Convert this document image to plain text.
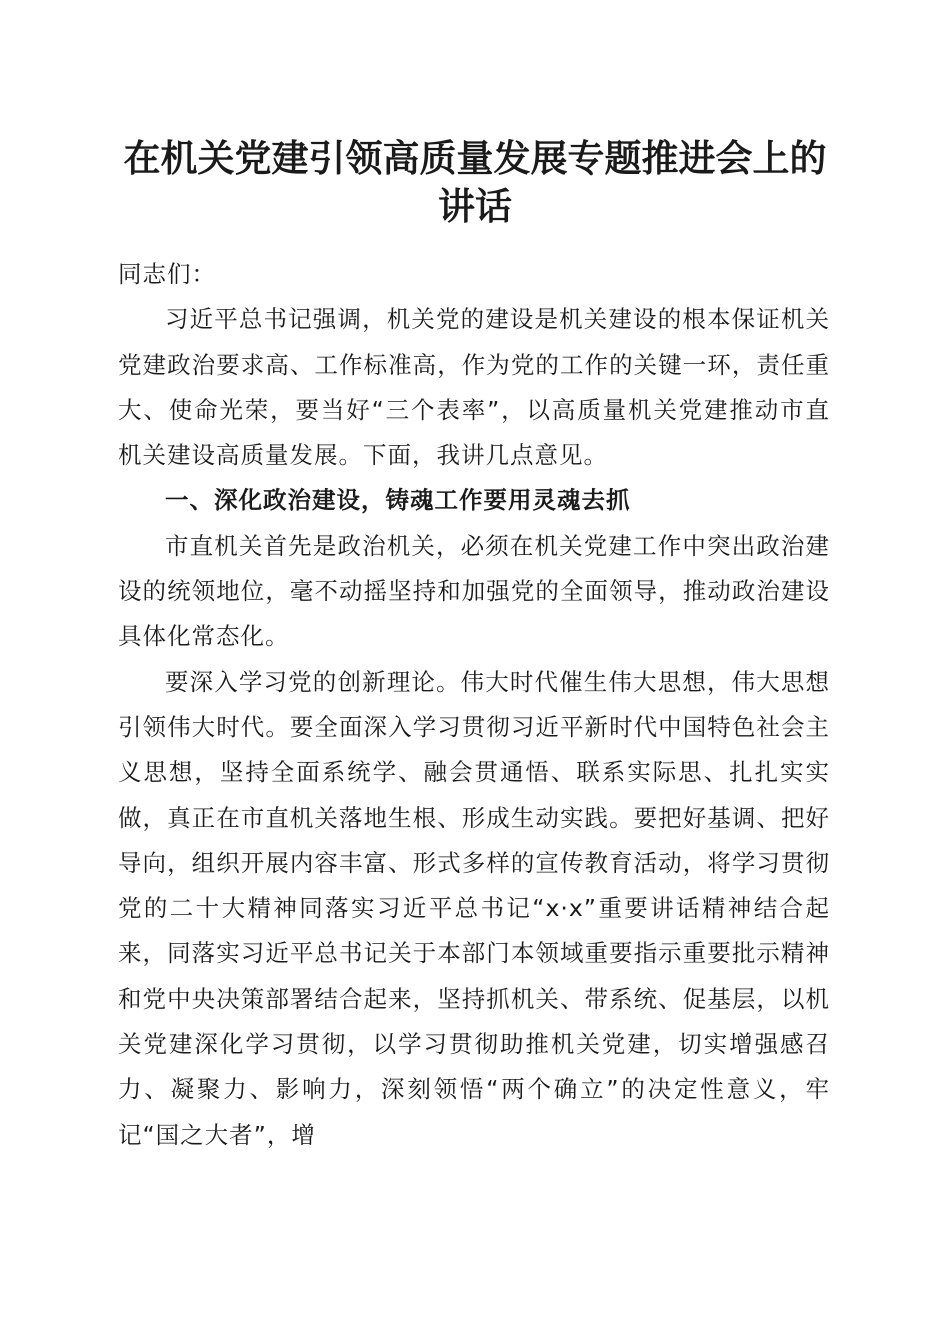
在机关党建引领高质量发展专题推进会上的讲话

同志们：

习近平总书记强调，机关党的建设是机关建设的根本保证机关党建政治要求高、工作标准高，作为党的工作的关键一环，责任重大、使命光荣，要当好“三个表率”，以高质量机关党建推动市直机关建设高质量发展。下面，我讲几点意见。

一、深化政治建设，铸魂工作要用灵魂去抓

市直机关首先是政治机关，必须在机关党建工作中突出政治建设的统领地位，毫不动摇坚持和加强党的全面领导，推动政治建设具体化常态化。

要深入学习党的创新理论。伟大时代催生伟大思想，伟大思想引领伟大时代。要全面深入学习贯彻习近平新时代中国特色社会主义思想，坚持全面系统学、融会贯通悟、联系实际思、扎扎实实做，真正在市直机关落地生根、形成生动实践。要把好基调、把好导向，组织开展内容丰富、形式多样的宣传教育活动，将学习贯彻党的二十大精神同落实习近平总书记“x·x”重要讲话精神结合起来，同落实习近平总书记关于本部门本领域重要指示重要批示精神和党中央决策部署结合起来，坚持抓机关、带系统、促基层，以机关党建深化学习贯彻，以学习贯彻助推机关党建，切实增强感召力、凝聚力、影响力，深刻领悟“两个确立”的决定性意义，牢记“国之大者”，增
